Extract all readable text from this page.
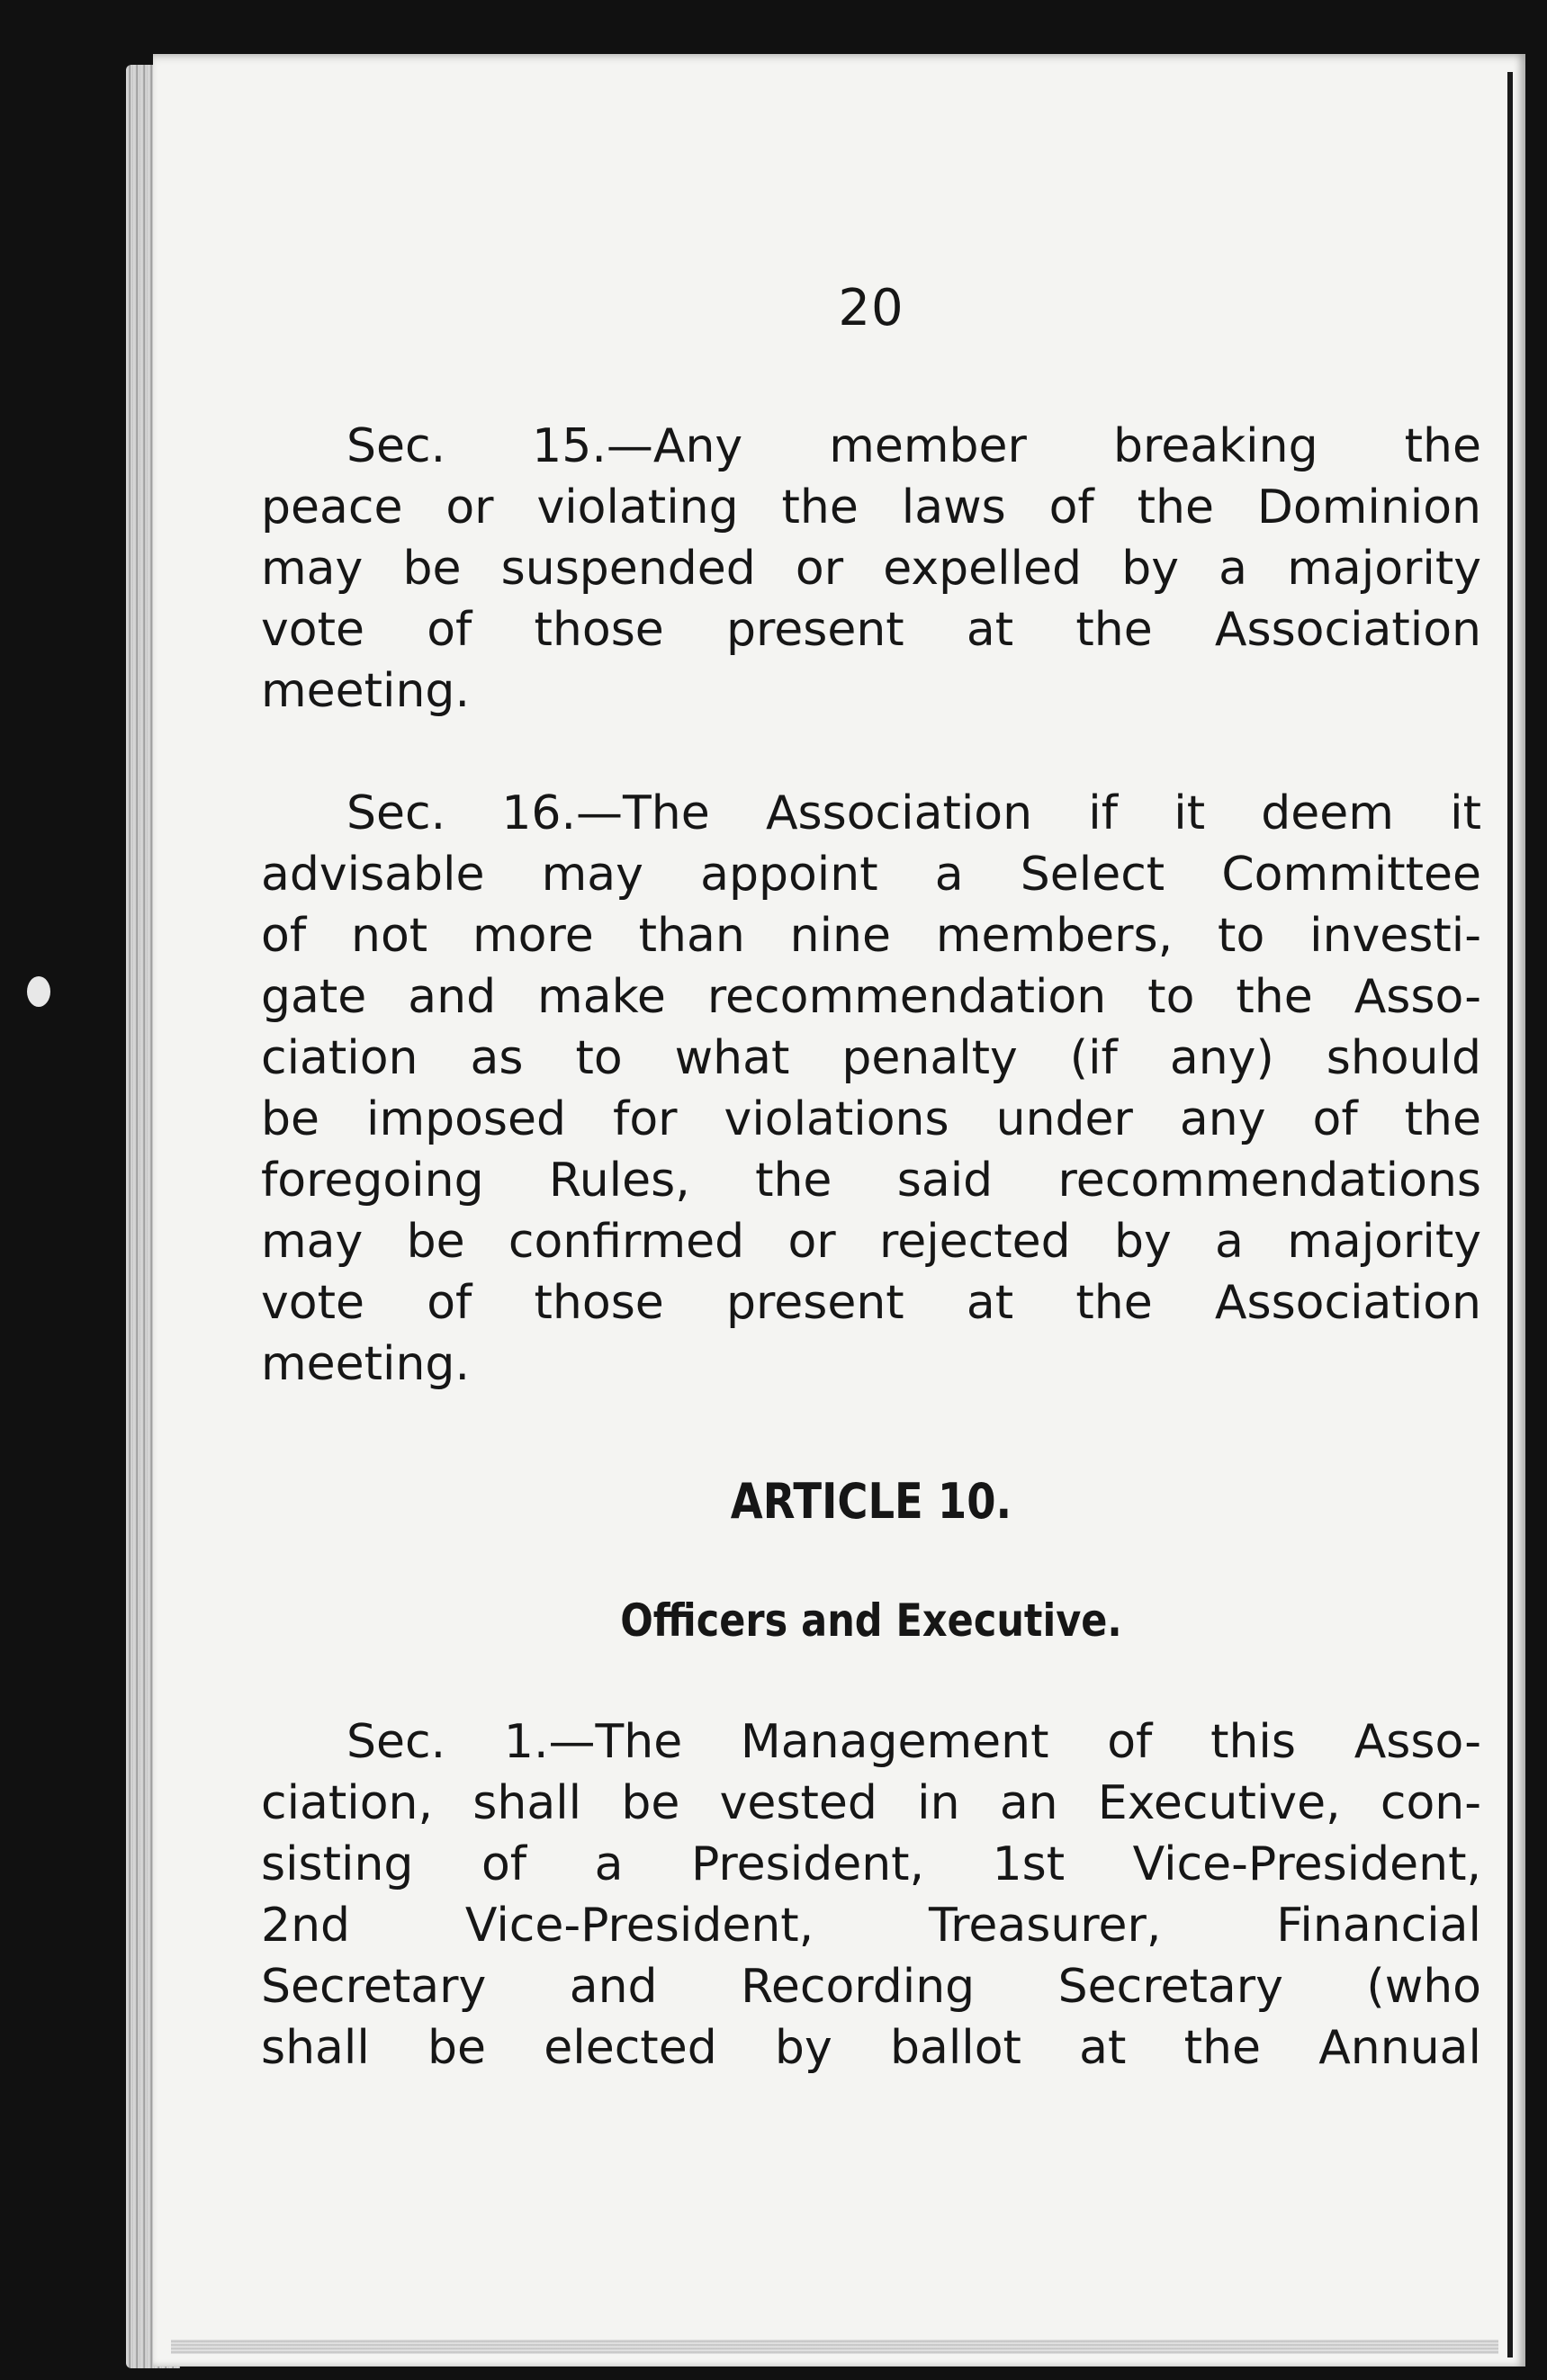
20
Sec. 15.—Any member breaking the
peace or violating the laws of the Dominion
may be suspended or expelled by a majority
vote of those present at the Association
meeting.
Sec. 16.—The Association if it deem it
advisable may appoint a Select Committee
of not more than nine members, to investi-
gate and make recommendation to the Asso-
ciation as to what penalty (if any) should
be imposed for violations under any of the
foregoing Rules, the said recommendations
may be confirmed or rejected by a majority
vote of those present at the Association
meeting.
ARTICLE 10.
Officers and Executive.
Sec. 1.—The Management of this Asso-
ciation, shall be vested in an Executive, con-
sisting of a President, 1st Vice-President,
2nd Vice-President, Treasurer, Financial
Secretary and Recording Secretary (who
shall be elected by ballot at the Annual
